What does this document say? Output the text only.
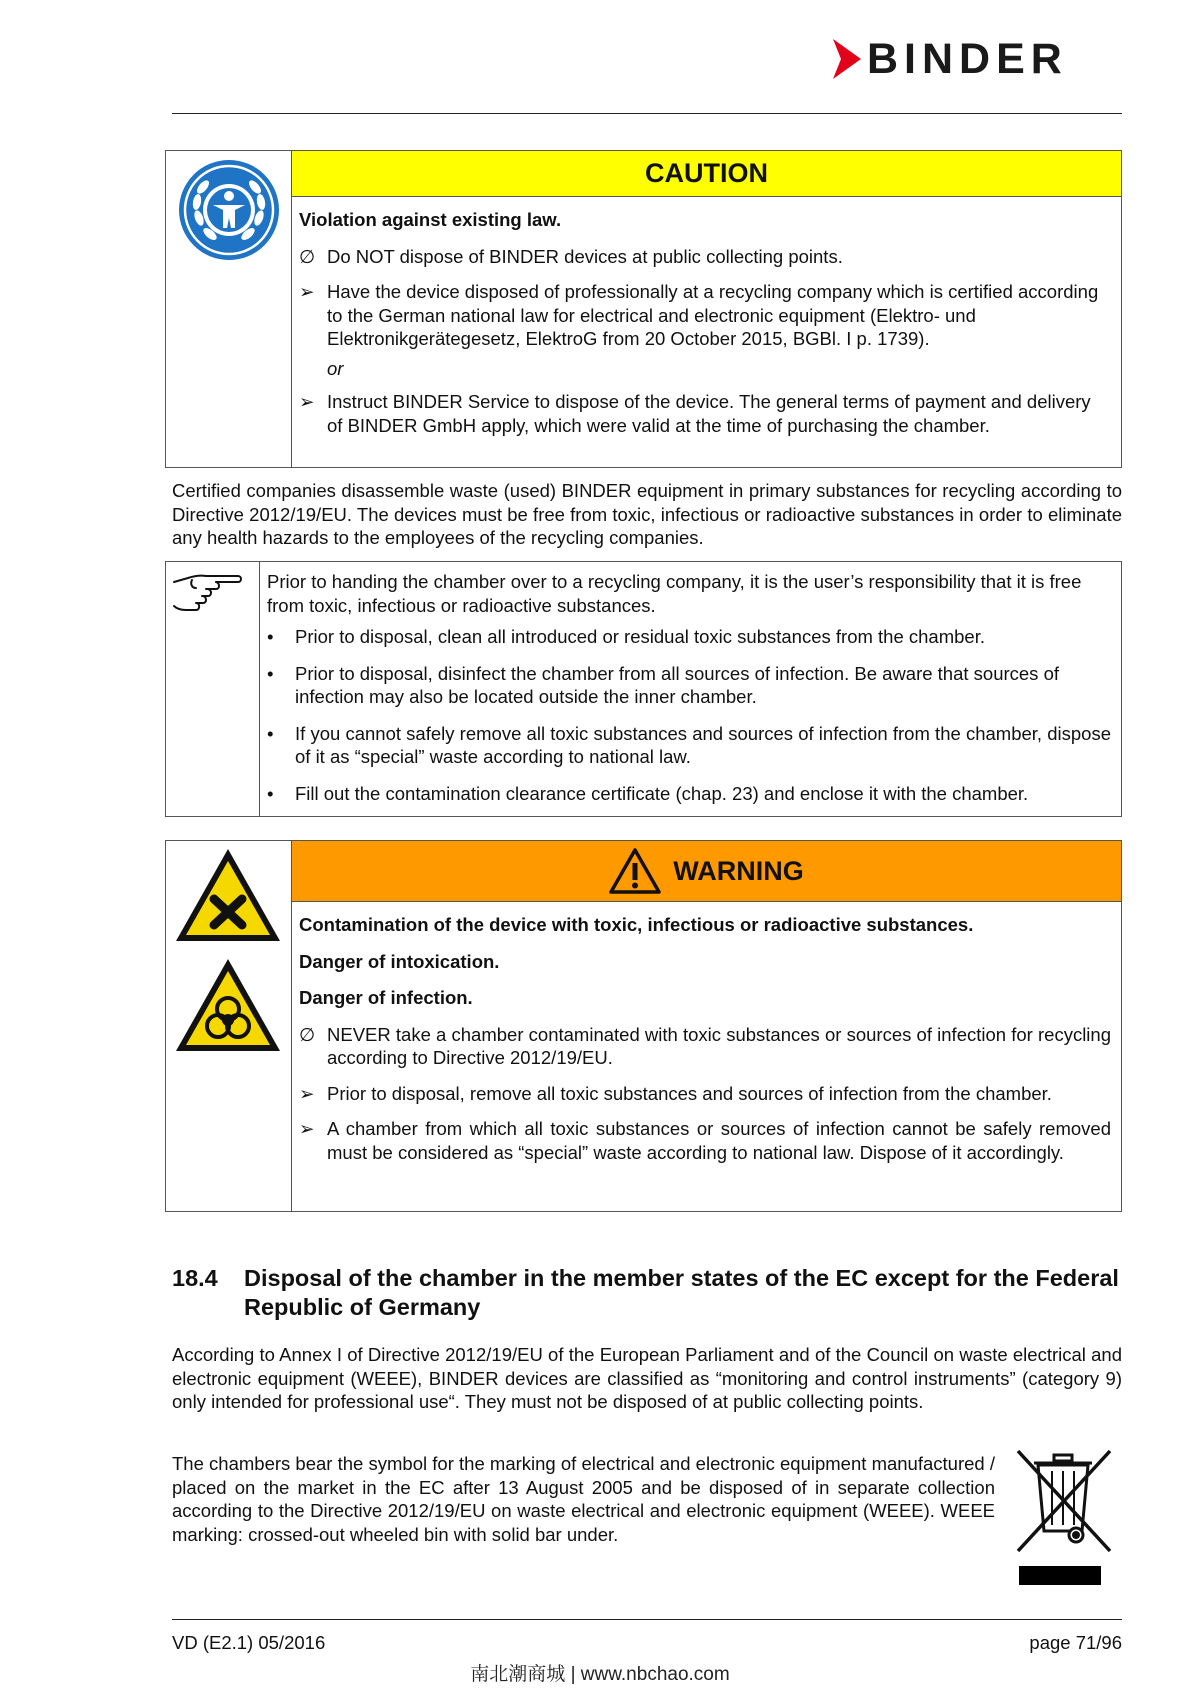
BINDER
CAUTION
Violation against existing law.
∅ Do NOT dispose of BINDER devices at public collecting points.
➢ Have the device disposed of professionally at a recycling company which is certified according to the German national law for electrical and electronic equipment (Elektro- und Elektronikgerätegesetz, ElektroG from 20 October 2015, BGBl. I p. 1739).
or
➢ Instruct BINDER Service to dispose of the device. The general terms of payment and delivery of BINDER GmbH apply, which were valid at the time of purchasing the chamber.
Certified companies disassemble waste (used) BINDER equipment in primary substances for recycling according to Directive 2012/19/EU. The devices must be free from toxic, infectious or radioactive substances in order to eliminate any health hazards to the employees of the recycling companies.
Prior to handing the chamber over to a recycling company, it is the user’s responsibility that it is free from toxic, infectious or radioactive substances.
•	Prior to disposal, clean all introduced or residual toxic substances from the chamber.
•	Prior to disposal, disinfect the chamber from all sources of infection. Be aware that sources of infection may also be located outside the inner chamber.
•	If you cannot safely remove all toxic substances and sources of infection from the chamber, dispose of it as “special” waste according to national law.
•	Fill out the contamination clearance certificate (chap. 23) and enclose it with the chamber.
WARNING
Contamination of the device with toxic, infectious or radioactive substances.
Danger of intoxication.
Danger of infection.
∅ NEVER take a chamber contaminated with toxic substances or sources of infection for recycling according to Directive 2012/19/EU.
➢ Prior to disposal, remove all toxic substances and sources of infection from the chamber.
➢ A chamber from which all toxic substances or sources of infection cannot be safely removed must be considered as “special” waste according to national law. Dispose of it accordingly.
18.4	Disposal of the chamber in the member states of the EC except for the Federal Republic of Germany
According to Annex I of Directive 2012/19/EU of the European Parliament and of the Council on waste electrical and electronic equipment (WEEE), BINDER devices are classified as “monitoring and control instruments” (category 9) only intended for professional use“. They must not be disposed of at public collecting points.
The chambers bear the symbol for the marking of electrical and electronic equipment manufactured / placed on the market in the EC after 13 August 2005 and be disposed of in separate collection according to the Directive 2012/19/EU on waste electrical and electronic equipment (WEEE). WEEE marking: crossed-out wheeled bin with solid bar under.
VD (E2.1) 05/2016	page 71/96
南北潮商城 | www.nbchao.com
